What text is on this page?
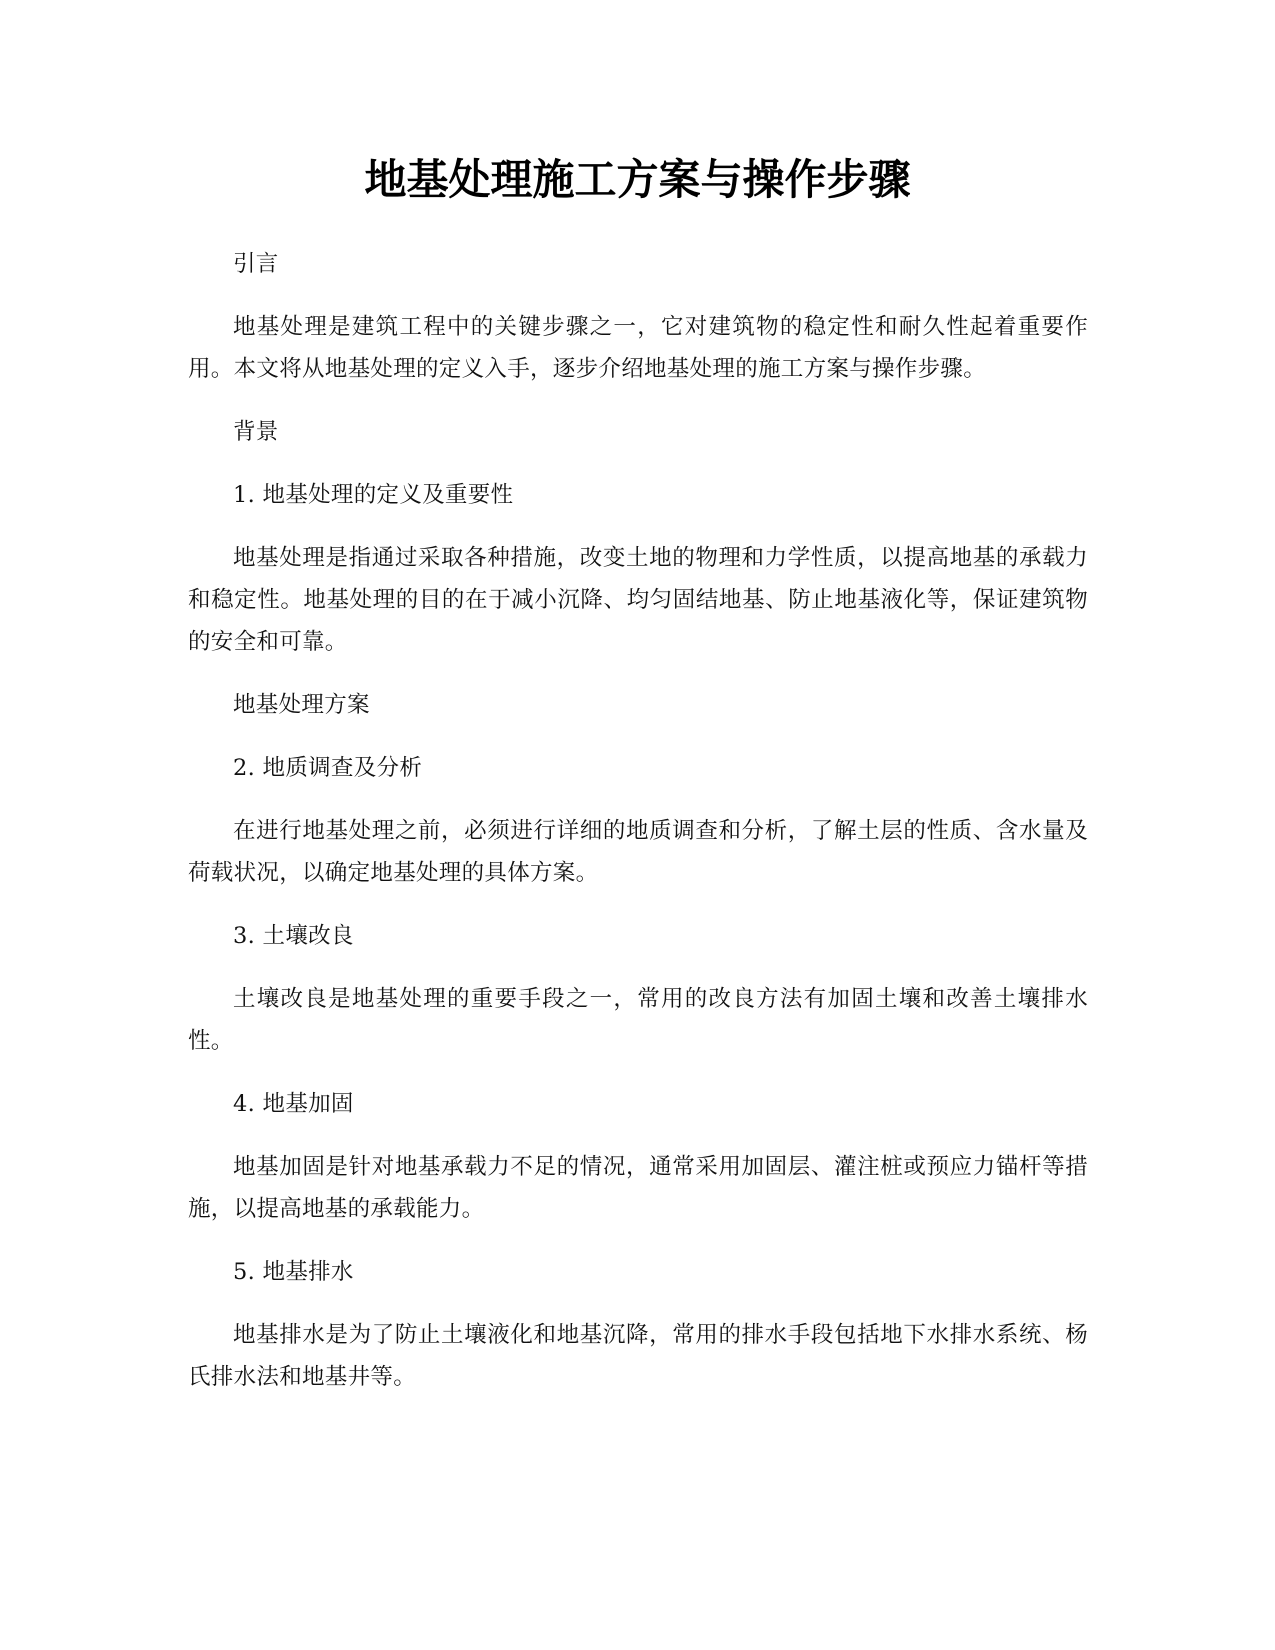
地基处理施工方案与操作步骤

引言

地基处理是建筑工程中的关键步骤之一，它对建筑物的稳定性和耐久性起着重要作用。本文将从地基处理的定义入手，逐步介绍地基处理的施工方案与操作步骤。

背景

1. 地基处理的定义及重要性

地基处理是指通过采取各种措施，改变土地的物理和力学性质，以提高地基的承载力和稳定性。地基处理的目的在于减小沉降、均匀固结地基、防止地基液化等，保证建筑物的安全和可靠。

地基处理方案

2. 地质调查及分析

在进行地基处理之前，必须进行详细的地质调查和分析，了解土层的性质、含水量及荷载状况，以确定地基处理的具体方案。

3. 土壤改良

土壤改良是地基处理的重要手段之一，常用的改良方法有加固土壤和改善土壤排水性。

4. 地基加固

地基加固是针对地基承载力不足的情况，通常采用加固层、灌注桩或预应力锚杆等措施，以提高地基的承载能力。

5. 地基排水

地基排水是为了防止土壤液化和地基沉降，常用的排水手段包括地下水排水系统、杨氏排水法和地基井等。
